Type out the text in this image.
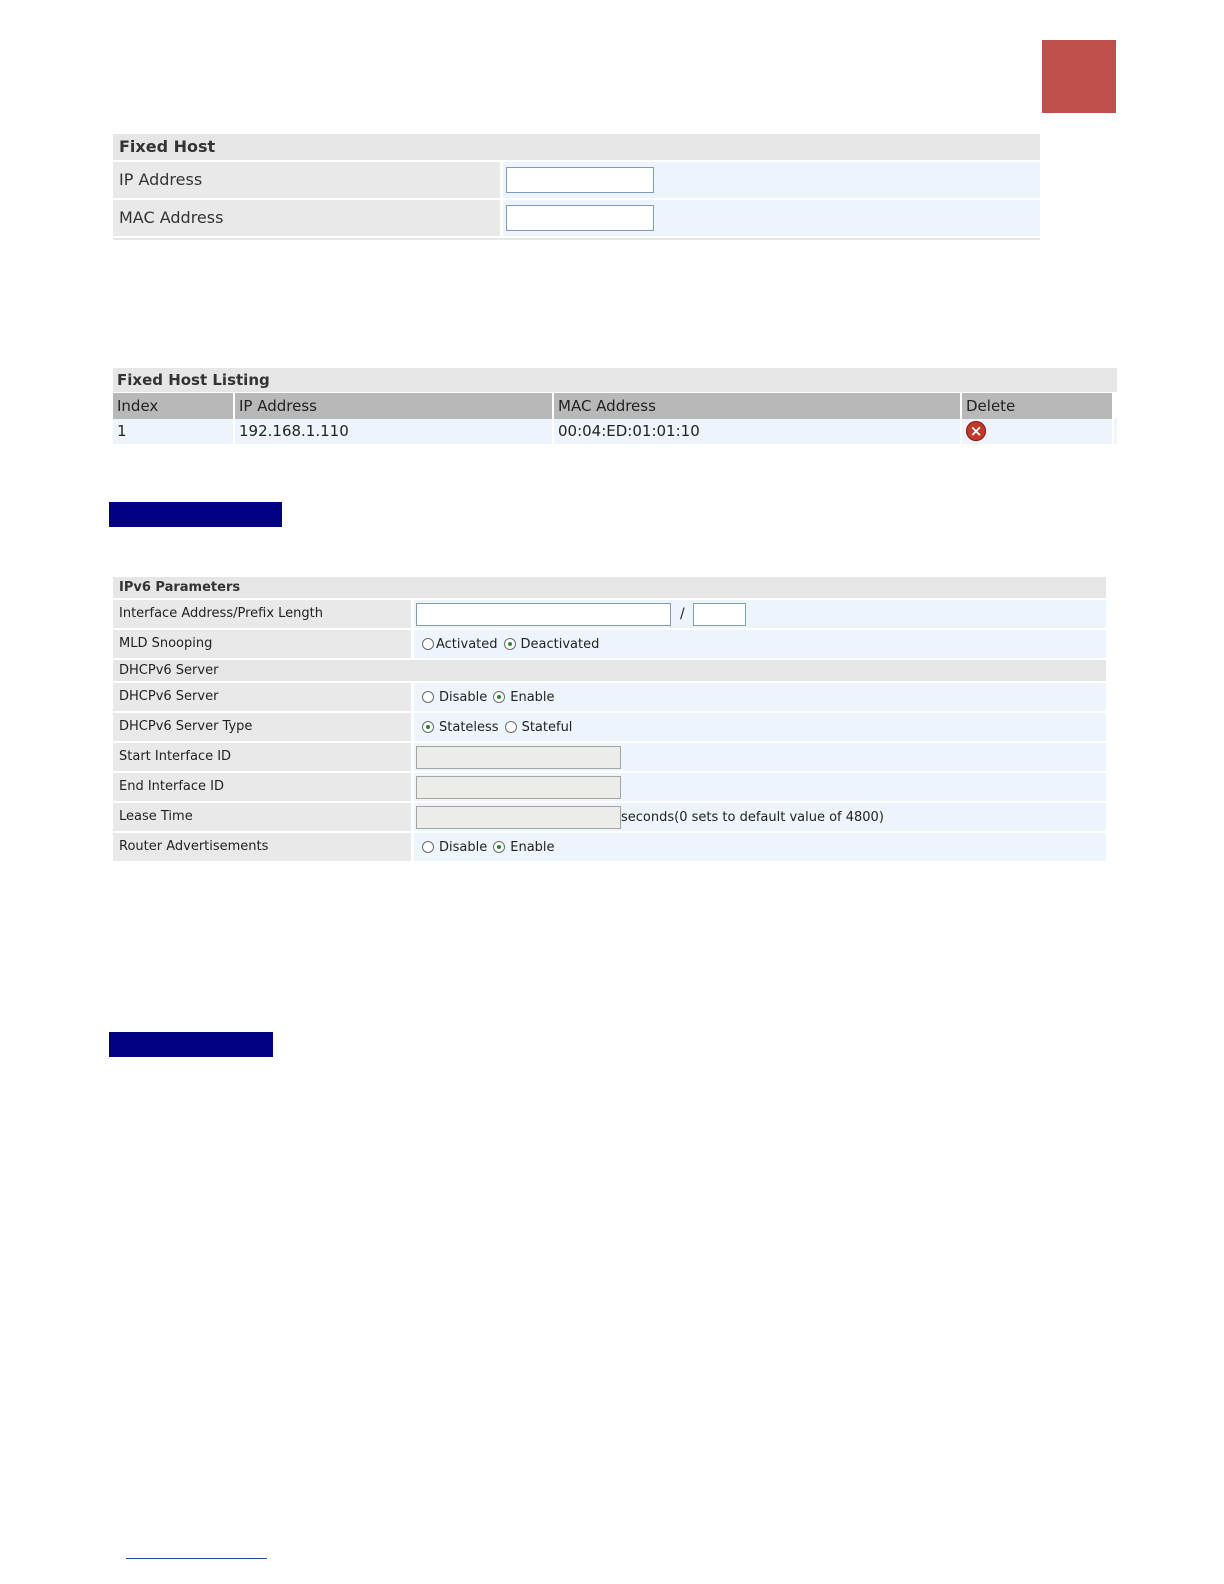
Fixed Host
IP Address
MAC Address
Fixed Host Listing
Index	IP Address	MAC Address	Delete
1	192.168.1.110	00:04:ED:01:01:10	×
IPv6 Parameters
Interface Address/Prefix Length	/
MLD Snooping	Activated Deactivated
DHCPv6 Server
DHCPv6 Server	Disable Enable
DHCPv6 Server Type	Stateless Stateful
Start Interface ID
End Interface ID
Lease Time	seconds(0 sets to default value of 4800)
Router Advertisements	Disable Enable
